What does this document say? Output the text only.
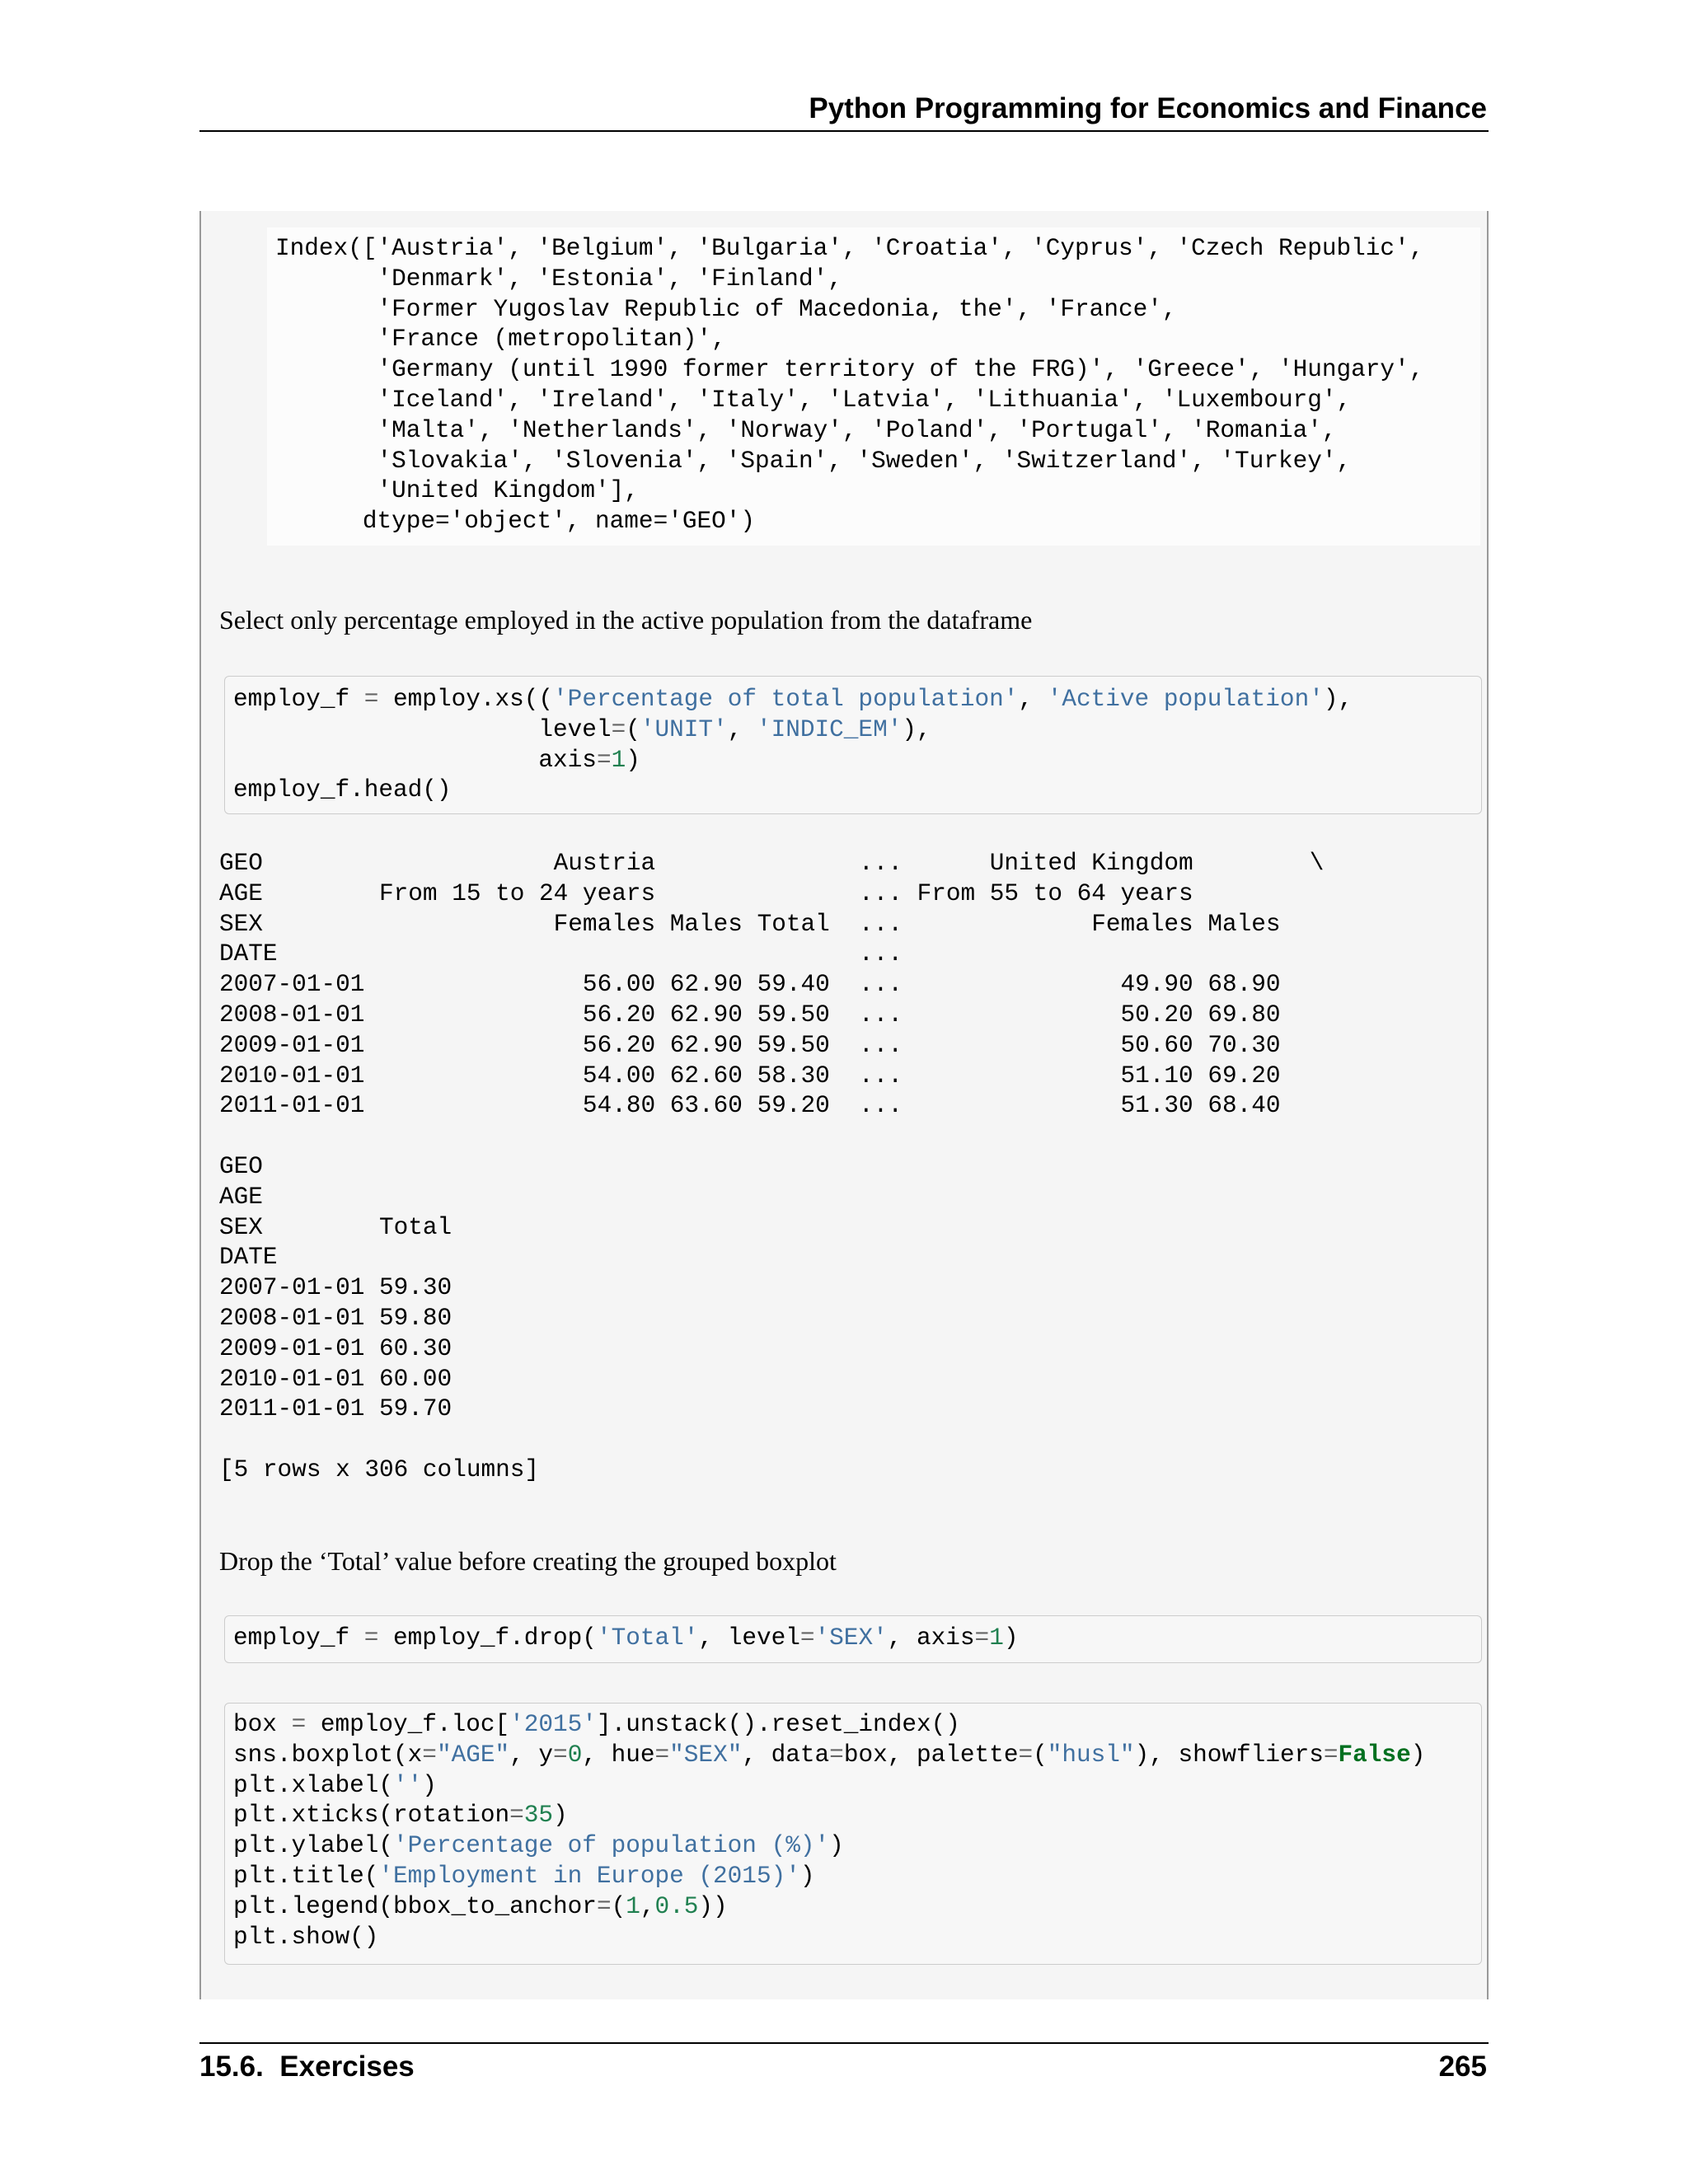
Python Programming for Economics and Finance
Index(['Austria', 'Belgium', 'Bulgaria', 'Croatia', 'Cyprus', 'Czech Republic',
'Denmark', 'Estonia', 'Finland',
'Former Yugoslav Republic of Macedonia, the', 'France',
'France (metropolitan)',
'Germany (until 1990 former territory of the FRG)', 'Greece', 'Hungary',
'Iceland', 'Ireland', 'Italy', 'Latvia', 'Lithuania', 'Luxembourg',
'Malta', 'Netherlands', 'Norway', 'Poland', 'Portugal', 'Romania',
'Slovakia', 'Slovenia', 'Spain', 'Sweden', 'Switzerland', 'Turkey',
'United Kingdom'],
dtype='object', name='GEO')
Select only percentage employed in the active population from the dataframe
employ_f = employ.xs(('Percentage of total population', 'Active population'),
level=('UNIT', 'INDIC_EM'),
axis=1)
employ_f.head()
GEO                    Austria              ...      United Kingdom        \
AGE        From 15 to 24 years              ... From 55 to 64 years
SEX                    Females Males Total  ...             Females Males
DATE                                        ...
2007-01-01               56.00 62.90 59.40  ...               49.90 68.90
2008-01-01               56.20 62.90 59.50  ...               50.20 69.80
2009-01-01               56.20 62.90 59.50  ...               50.60 70.30
2010-01-01               54.00 62.60 58.30  ...               51.10 69.20
2011-01-01               54.80 63.60 59.20  ...               51.30 68.40

GEO
AGE
SEX        Total
DATE
2007-01-01 59.30
2008-01-01 59.80
2009-01-01 60.30
2010-01-01 60.00
2011-01-01 59.70

[5 rows x 306 columns]
Drop the ‘Total’ value before creating the grouped boxplot
employ_f = employ_f.drop('Total', level='SEX', axis=1)
box = employ_f.loc['2015'].unstack().reset_index()
sns.boxplot(x="AGE", y=0, hue="SEX", data=box, palette=("husl"), showfliers=False)
plt.xlabel('')
plt.xticks(rotation=35)
plt.ylabel('Percentage of population (%)')
plt.title('Employment in Europe (2015)')
plt.legend(bbox_to_anchor=(1,0.5))
plt.show()
15.6.  Exercises	265
